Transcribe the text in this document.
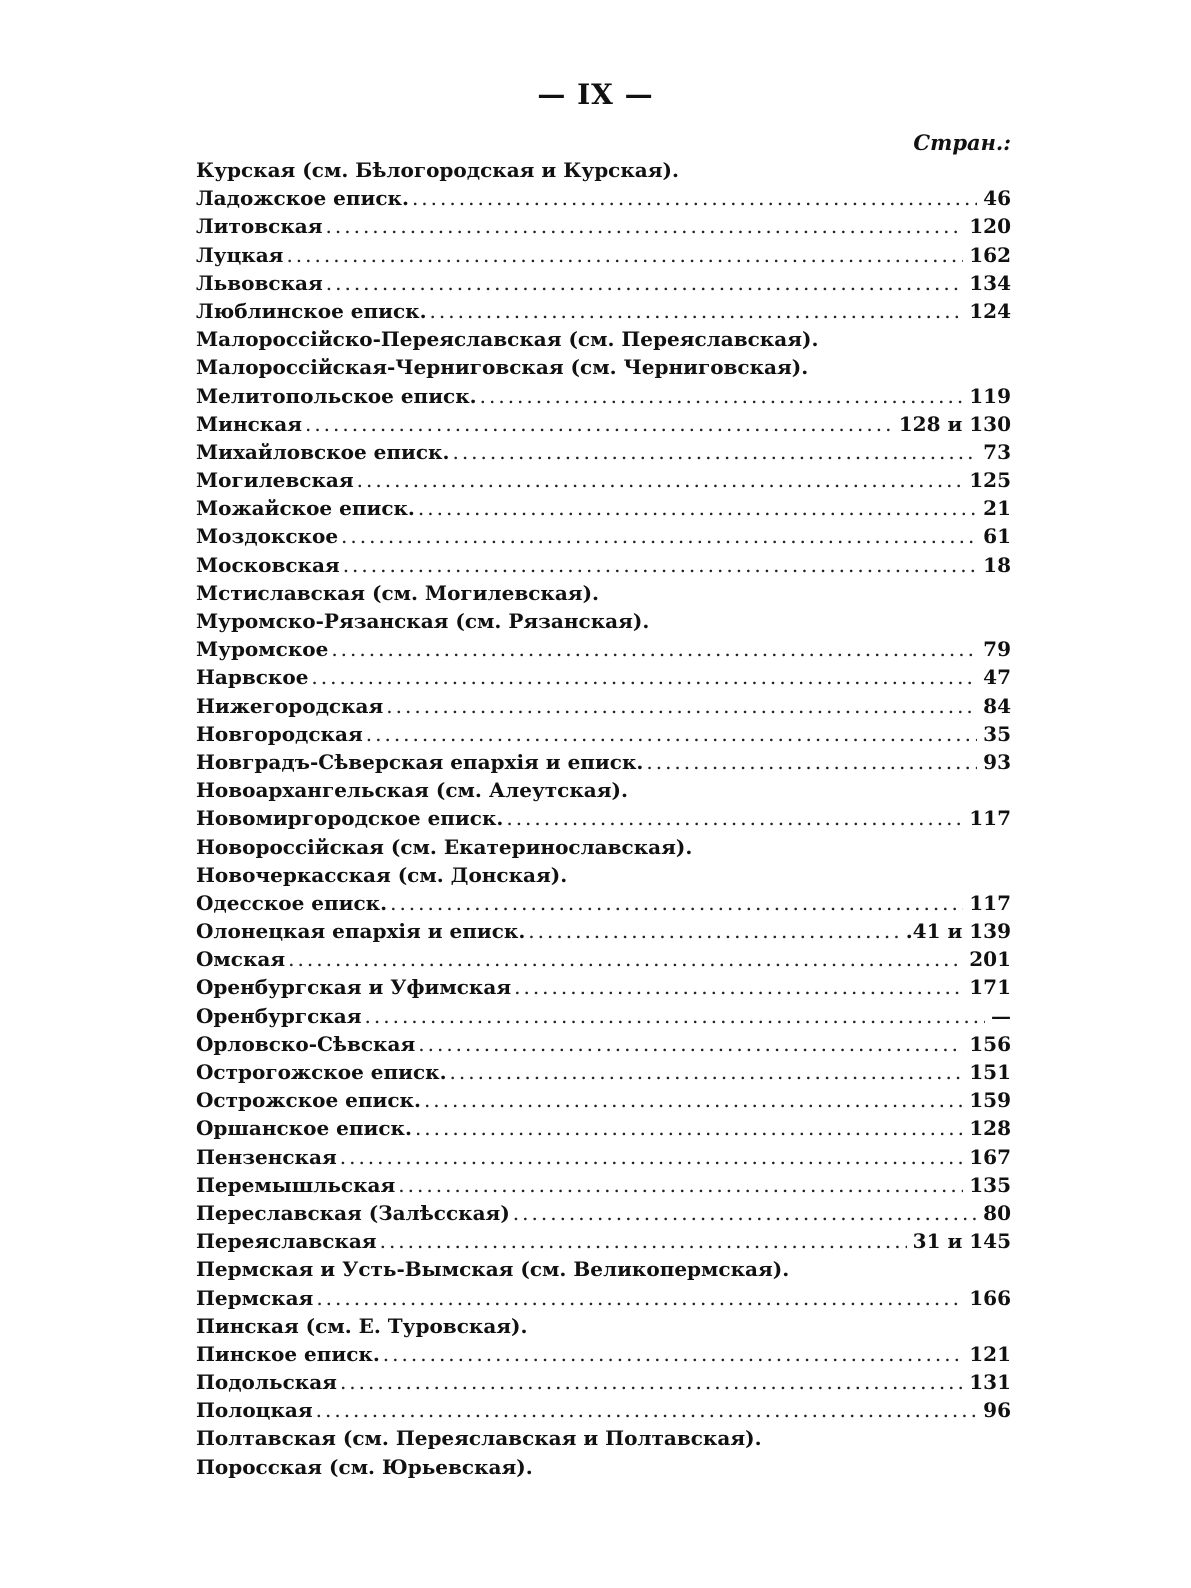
— IX —
Стран.:
Курская (см. Бѣлогородская и Курская).
Ладожское еписк. .....	46
Литовская .....	120
Луцкая .....	162
Львовская .....	134
Люблинское еписк. .....	124
Малороссійско-Переяславская (см. Переяславская).
Малороссійская-Черниговская (см. Черниговская).
Мелитопольское еписк. .....	119
Минская .....	128 и 130
Михайловское еписк. .....	73
Могилевская .....	125
Можайское еписк. .....	21
Моздокское .....	61
Московская .....	18
Мстиславская (см. Могилевская).
Муромско-Рязанская (см. Рязанская).
Муромское .....	79
Нарвское .....	47
Нижегородская .....	84
Новгородская .....	35
Новградъ-Сѣверская епархія и еписк. .....	93
Новоархангельская (см. Алеутская).
Новомиргородское еписк. .....	117
Новороссійская (см. Екатеринославская).
Новочеркасская (см. Донская).
Одесское еписк. .....	117
Олонецкая епархія и еписк. .....	.41 и 139
Омская .....	201
Оренбургская и Уфимская .....	171
Оренбургская .....	—
Орловско-Сѣвская .....	156
Острогожское еписк. .....	151
Острожское еписк. .....	159
Оршанское еписк. .....	128
Пензенская .....	167
Перемышльская .....	135
Переславская (Залѣсская) .....	80
Переяславская .....	31 и 145
Пермская и Усть-Вымская (см. Великопермская).
Пермская .....	166
Пинская (см. Е. Туровская).
Пинское еписк. .....	121
Подольская .....	131
Полоцкая .....	96
Полтавская (см. Переяславская и Полтавская).
Поросская (см. Юрьевская).
